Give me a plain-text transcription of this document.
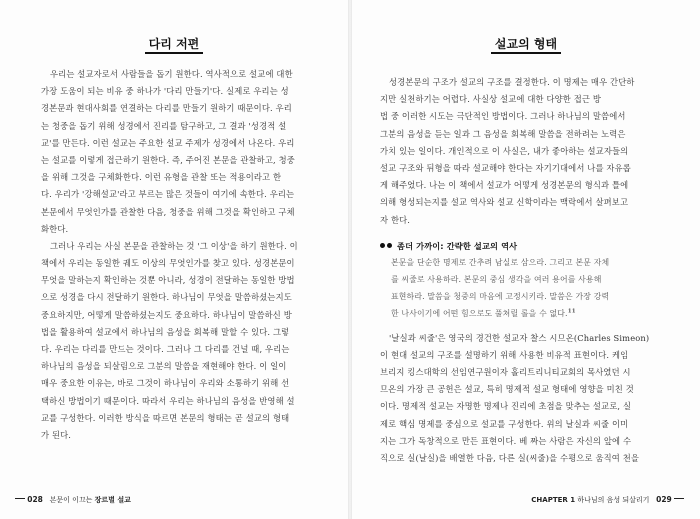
다리 저편
우리는 설교자로서 사람들을 돕기 원한다. 역사적으로 설교에 대한
가장 도움이 되는 비유 중 하나가 '다리 만들기'다. 실제로 우리는 성
경본문과 현대사회를 연결하는 다리를 만들기 원하기 때문이다. 우리
는 청중을 돕기 위해 성경에서 진리를 탐구하고, 그 결과 '성경적 설
교'를 만든다. 이런 설교는 주요한 설교 주제가 성경에서 나온다. 우리
는 설교를 이렇게 접근하기 원한다. 즉, 주어진 본문을 관찰하고, 청중
을 위해 그것을 구체화한다. 이런 유형을 관찰 또는 적용이라고 한
다. 우리가 '강해설교'라고 부르는 많은 것들이 여기에 속한다. 우리는
본문에서 무엇인가를 관찰한 다음, 청중을 위해 그것을 확인하고 구체
화한다.
그러나 우리는 사실 본문을 관찰하는 것 '그 이상'을 하기 원한다. 이
책에서 우리는 동일한 궤도 이상의 무엇인가를 찾고 있다. 성경본문이
무엇을 말하는지 확인하는 것뿐 아니라, 성경이 전달하는 동일한 방법
으로 성경을 다시 전달하기 원한다. 하나님이 무엇을 말씀하셨는지도
중요하지만, 어떻게 말씀하셨는지도 중요하다. 하나님이 말씀하신 방
법을 활용하여 설교에서 하나님의 음성을 회복해 말할 수 있다. 그렇
다. 우리는 다리를 만드는 것이다. 그러나 그 다리를 건널 때, 우리는
하나님의 음성을 되살림으로 그분의 말씀을 재현해야 한다. 이 일이
매우 중요한 이유는, 바로 그것이 하나님이 우리와 소통하기 위해 선
택하신 방법이기 때문이다. 따라서 우리는 하나님의 음성을 반영해 설
교를 구성한다. 이러한 방식을 따르면 본문의 형태는 곧 설교의 형태
가 된다.
028 본문이 이끄는 장르별 설교
설교의 형태
성경본문의 구조가 설교의 구조를 결정한다. 이 명제는 매우 간단하
지만 실천하기는 어렵다. 사실상 설교에 대한 다양한 접근 방
법 중 이러한 시도는 극단적인 방법이다. 그러나 하나님의 말씀에서
그분의 음성을 듣는 일과 그 음성을 회복해 말씀을 전하려는 노력은
가치 있는 일이다. 개인적으로 이 사실은, 내가 좋아하는 설교자들의
설교 구조와 뒤형을 따라 설교해야 한다는 자기기대에서 나를 자유롭
게 해주었다. 나는 이 책에서 설교가 어떻게 성경본문의 형식과 틀에
의해 형성되는지를 설교 역사와 설교 신학이라는 맥락에서 살펴보고
자 한다.
좀더 가까이: 간략한 설교의 역사
본문을 단순한 명제로 간추려 남실로 삼으라. 그리고 본문 자체
를 씨줄로 사용하라. 본문의 중심 생각을 여러 용어를 사용해
표현하라. 말씀을 청중의 마음에 고정시키라. 말씀은 가장 강력
한 나사이기에 어떤 힘으로도 풀쳐릴 롤을 수 없다.$^{11}$
'날실과 씨줄'은 영국의 경건한 설교자 찰스 시므온(Charles Simeon)
이 현대 설교의 구조를 설명하기 위해 사용한 비유적 표현이다. 케임
브리지 킹스대학의 선임연구원이자 홀리트리니티교회의 목사였던 시
므온의 가장 큰 공헌은 설교, 특히 명제적 설교 형태에 영향을 미친 것
이다. 명제적 설교는 자명한 명제나 진리에 초점을 맞추는 설교로, 실
제로 핵심 명제를 중심으로 설교를 구성한다. 위의 날실과 씨줄 이미
지는 그가 독창적으로 만든 표현이다. 베 짜는 사람은 자신의 앞에 수
직으로 실(날실)을 배열한 다음, 다른 실(씨줄)을 수평으로 움직여 천을
CHAPTER 1 하나님의 음성 되살리기 029
